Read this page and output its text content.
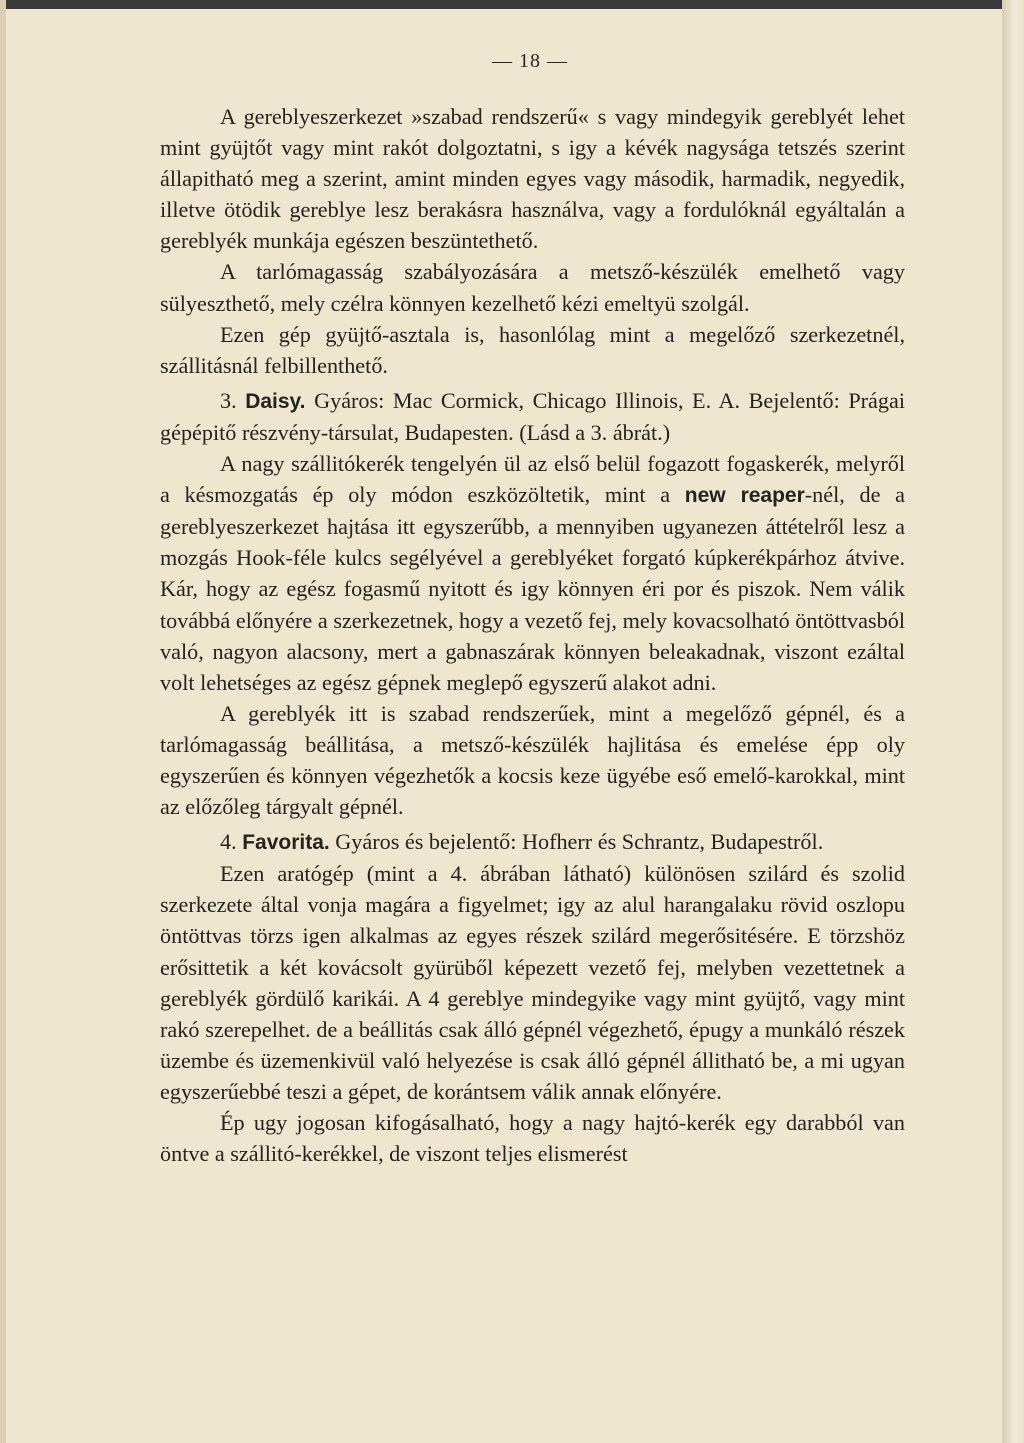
— 18 —

A gereblyeszerkezet »szabad rendszerű« s vagy mindegyik gereblyét lehet mint gyüjtőt vagy mint rakót dolgoztatni, s igy a kévék nagysága tetszés szerint állapitható meg a szerint, amint minden egyes vagy második, harmadik, negyedik, illetve ötödik gereblye lesz berakásra használva, vagy a fordulóknál egyáltalán a gereblyék munkája egészen beszüntethető.

A tarlómagasság szabályozására a metsző-készülék emelhető vagy sülyeszthető, mely czélra könnyen kezelhető kézi emeltyü szolgál.

Ezen gép gyüjtő-asztala is, hasonlólag mint a megelőző szerkezetnél, szállitásnál felbillenthető.

3. Daisy. Gyáros: Mac Cormick, Chicago Illinois, E. A. Bejelentő: Prágai gépépitő részvény-társulat, Budapesten. (Lásd a 3. ábrát.)

A nagy szállitókerék tengelyén ül az első belül fogazott fogaskerék, melyről a késmozgatás ép oly módon eszközöltetik, mint a new reaper-nél, de a gereblyeszerkezet hajtása itt egyszerűbb, a mennyiben ugyanezen áttételről lesz a mozgás Hook-féle kulcs segélyével a gereblyéket forgató kúpkerékpárhoz átvive. Kár, hogy az egész fogasmű nyitott és igy könnyen éri por és piszok. Nem válik továbbá előnyére a szerkezetnek, hogy a vezető fej, mely kovacsolható öntöttvasból való, nagyon alacsony, mert a gabnaszárak könnyen beleakadnak, viszont ezáltal volt lehetséges az egész gépnek meglepő egyszerű alakot adni.

A gereblyék itt is szabad rendszerűek, mint a megelőző gépnél, és a tarlómagasság beállitása, a metsző-készülék hajlitása és emelése épp oly egyszerűen és könnyen végezhetők a kocsis keze ügyébe eső emelő-karokkal, mint az előzőleg tárgyalt gépnél.

4. Favorita. Gyáros és bejelentő: Hofherr és Schrantz, Budapestről.

Ezen aratógép (mint a 4. ábrában látható) különösen szilárd és szolid szerkezete által vonja magára a figyelmet; igy az alul harangalaku rövid oszlopu öntöttvas törzs igen alkalmas az egyes részek szilárd megerősitésére. E törzshöz erősittetik a két kovácsolt gyürüből képezett vezető fej, melyben vezettetnek a gereblyék gördülő karikái. A 4 gereblye mindegyike vagy mint gyüjtő, vagy mint rakó szerepelhet. de a beállitás csak álló gépnél végezhető, épugy a munkáló részek üzembe és üzemenkivül való helyezése is csak álló gépnél állitható be, a mi ugyan egyszerűebbé teszi a gépet, de korántsem válik annak előnyére.

Ép ugy jogosan kifogásalható, hogy a nagy hajtó-kerék egy darabból van öntve a szállitó-kerékkel, de viszont teljes elismerést
